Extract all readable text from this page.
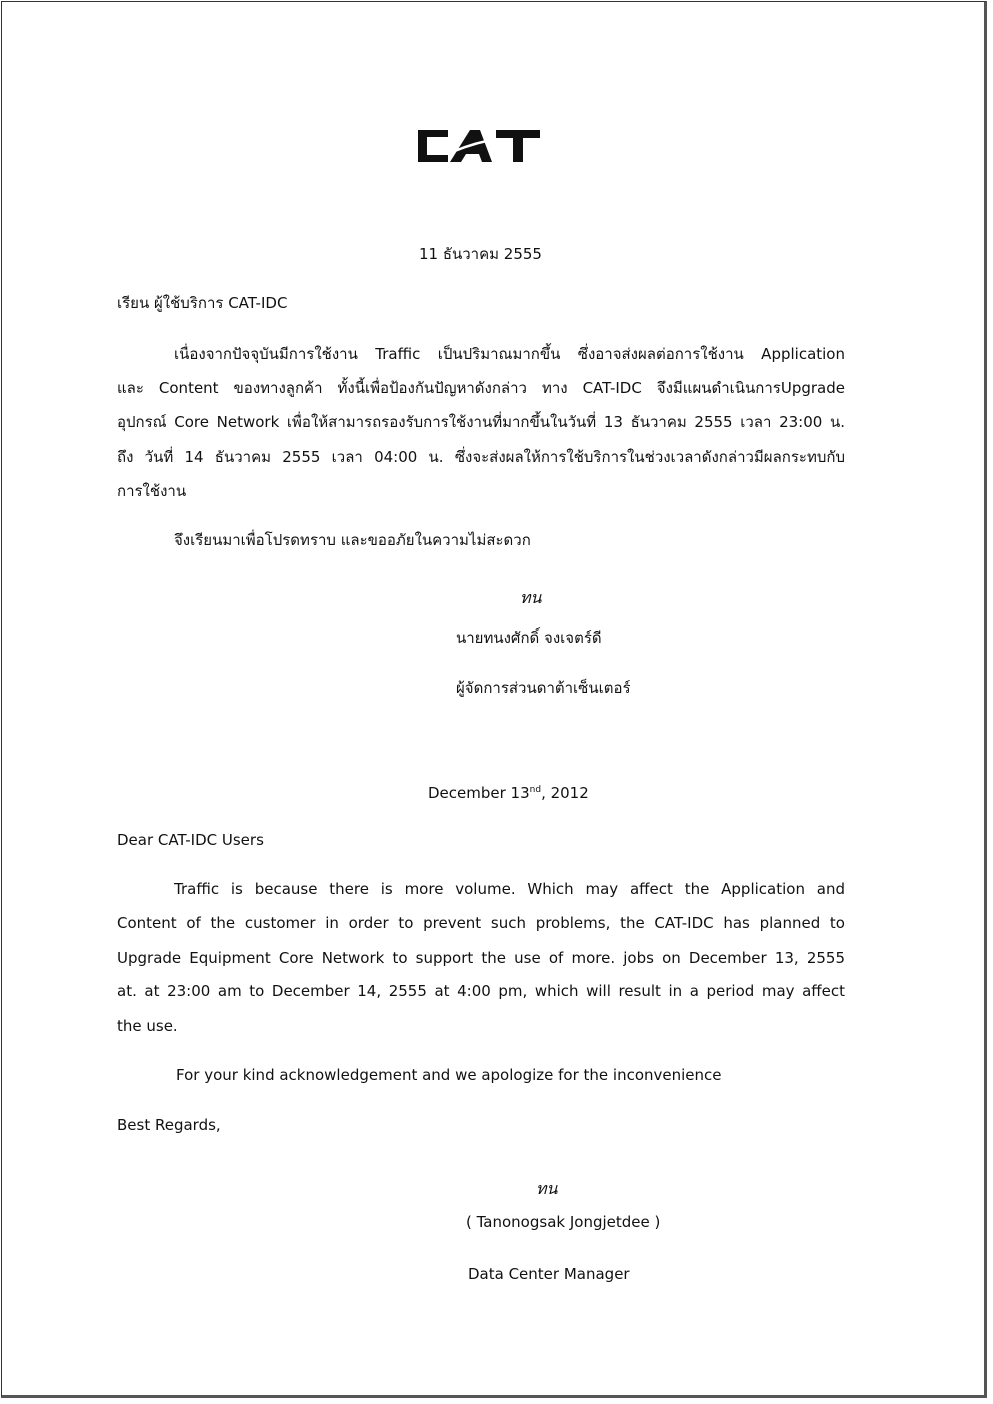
11 ธันวาคม 2555
เรียน ผู้ใช้บริการ CAT-IDC
เนื่องจากปัจจุบันมีการใช้งาน Traffic เป็นปริมาณมากขึ้น ซึ่งอาจส่งผลต่อการใช้งาน Application
และ Content ของทางลูกค้า ทั้งนี้เพื่อป้องกันปัญหาดังกล่าว ทาง CAT-IDC จึงมีแผนดำเนินการUpgrade
อุปกรณ์ Core Network เพื่อให้สามารถรองรับการใช้งานที่มากขึ้นในวันที่ 13 ธันวาคม 2555 เวลา 23:00 น.
ถึง วันที่ 14 ธันวาคม 2555 เวลา 04:00 น. ซึ่งจะส่งผลให้การใช้บริการในช่วงเวลาดังกล่าวมีผลกระทบกับ
การใช้งาน
จึงเรียนมาเพื่อโปรดทราบ และขออภัยในความไม่สะดวก
ทน
นายทนงศักดิ์ จงเจตร์ดี
ผู้จัดการส่วนดาต้าเซ็นเตอร์
December 13nd, 2012
Dear CAT-IDC Users
Traffic is because there is more volume. Which may affect the Application and
Content of the customer in order to prevent such problems, the CAT-IDC has planned to
Upgrade Equipment Core Network to support the use of more. jobs on December 13, 2555
at. at 23:00 am to December 14, 2555 at 4:00 pm, which will result in a period may affect
the use.
For your kind acknowledgement and we apologize for the inconvenience
Best Regards,
ทน
( Tanonogsak Jongjetdee )
Data Center Manager
